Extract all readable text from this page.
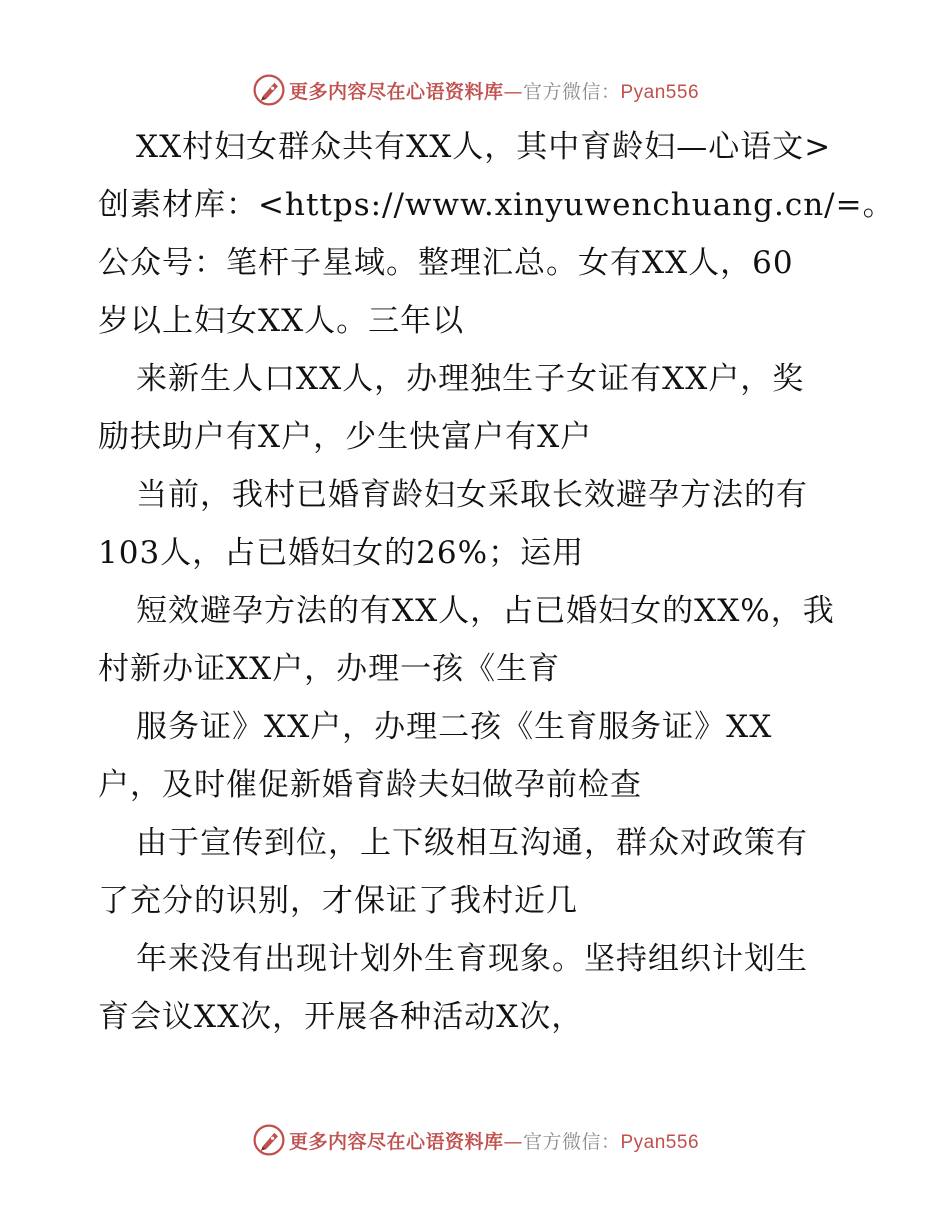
更多内容尽在心语资料库—官方微信：Pyan556
XX村妇女群众共有XX人，其中育龄妇—心语文>
创素材库：<https://www.xinyuwenchuang.cn/=。
公众号：笔杆子星域。整理汇总。女有XX人，60
岁以上妇女XX人。三年以
来新生人口XX人，办理独生子女证有XX户，奖
励扶助户有X户，少生快富户有X户
当前，我村已婚育龄妇女采取长效避孕方法的有
103人，占已婚妇女的26%；运用
短效避孕方法的有XX人，占已婚妇女的XX%，我
村新办证XX户，办理一孩《生育
服务证》XX户，办理二孩《生育服务证》XX
户，及时催促新婚育龄夫妇做孕前检查
由于宣传到位，上下级相互沟通，群众对政策有
了充分的识别，才保证了我村近几
年来没有出现计划外生育现象。坚持组织计划生
育会议XX次，开展各种活动X次，
更多内容尽在心语资料库—官方微信：Pyan556
